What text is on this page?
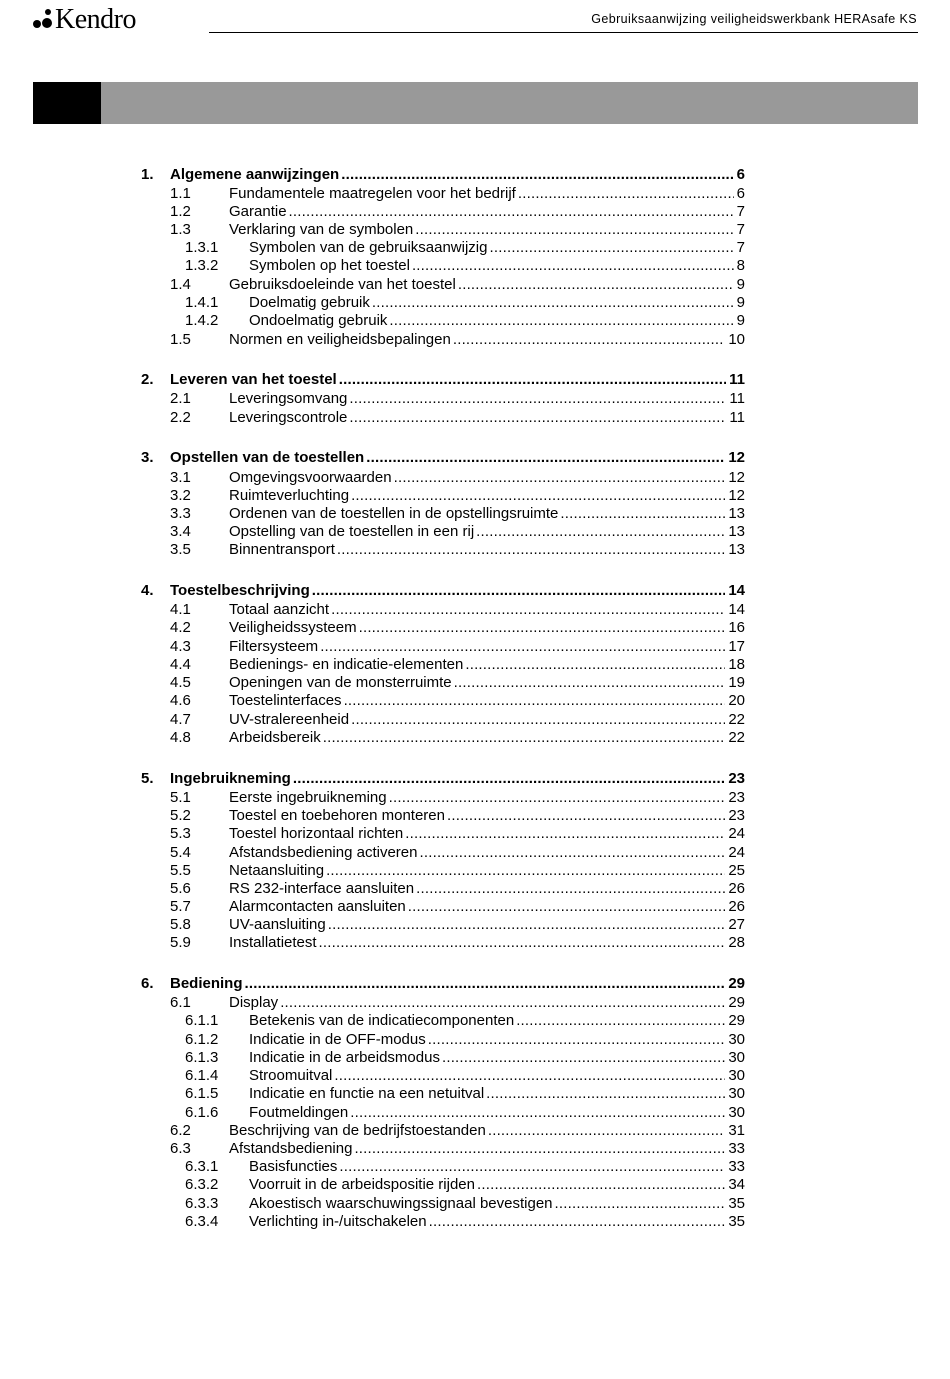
Kendro	Gebruiksaanwijzing veiligheidswerkbank HERAsafe KS
1. Algemene aanwijzingen .....	6
1.1	Fundamentele maatregelen voor het bedrijf .....	6
1.2	Garantie .....	7
1.3	Verklaring van de symbolen .....	7
1.3.1 Symbolen van de gebruiksaanwijzig .....	7
1.3.2 Symbolen op het toestel .....	8
1.4	Gebruiksdoeleinde van het toestel .....	9
1.4.1 Doelmatig gebruik .....	9
1.4.2 Ondoelmatig gebruik .....	9
1.5	Normen en veiligheidsbepalingen .....	10
2. Leveren van het toestel .....	11
2.1	Leveringsomvang .....	11
2.2	Leveringscontrole .....	11
3. Opstellen van de toestellen .....	12
3.1	Omgevingsvoorwaarden .....	12
3.2	Ruimteverluchting .....	12
3.3	Ordenen van de toestellen in de opstellingsruimte .....	13
3.4	Opstelling van de toestellen in een rij .....	13
3.5	Binnentransport .....	13
4. Toestelbeschrijving .....	14
4.1	Totaal aanzicht .....	14
4.2	Veiligheidssysteem .....	16
4.3	Filtersysteem .....	17
4.4	Bedienings- en indicatie-elementen .....	18
4.5	Openingen van de monsterruimte .....	19
4.6	Toestelinterfaces .....	20
4.7	UV-stralereenheid .....	22
4.8	Arbeidsbereik .....	22
5. Ingebruikneming .....	23
5.1	Eerste ingebruikneming .....	23
5.2	Toestel en toebehoren monteren .....	23
5.3	Toestel horizontaal richten .....	24
5.4	Afstandsbediening activeren .....	24
5.5	Netaansluiting .....	25
5.6	RS 232-interface aansluiten .....	26
5.7	Alarmcontacten aansluiten .....	26
5.8	UV-aansluiting .....	27
5.9	Installatietest .....	28
6. Bediening .....	29
6.1	Display .....	29
6.1.1 Betekenis van de indicatiecomponenten .....	29
6.1.2 Indicatie in de OFF-modus .....	30
6.1.3 Indicatie in de arbeidsmodus .....	30
6.1.4 Stroomuitval .....	30
6.1.5 Indicatie en functie na een netuitval .....	30
6.1.6 Foutmeldingen .....	30
6.2	Beschrijving van de bedrijfstoestanden .....	31
6.3	Afstandsbediening .....	33
6.3.1 Basisfuncties .....	33
6.3.2 Voorruit in de arbeidspositie rijden .....	34
6.3.3 Akoestisch waarschuwingssignaal bevestigen .....	35
6.3.4 Verlichting in-/uitschakelen .....	35
